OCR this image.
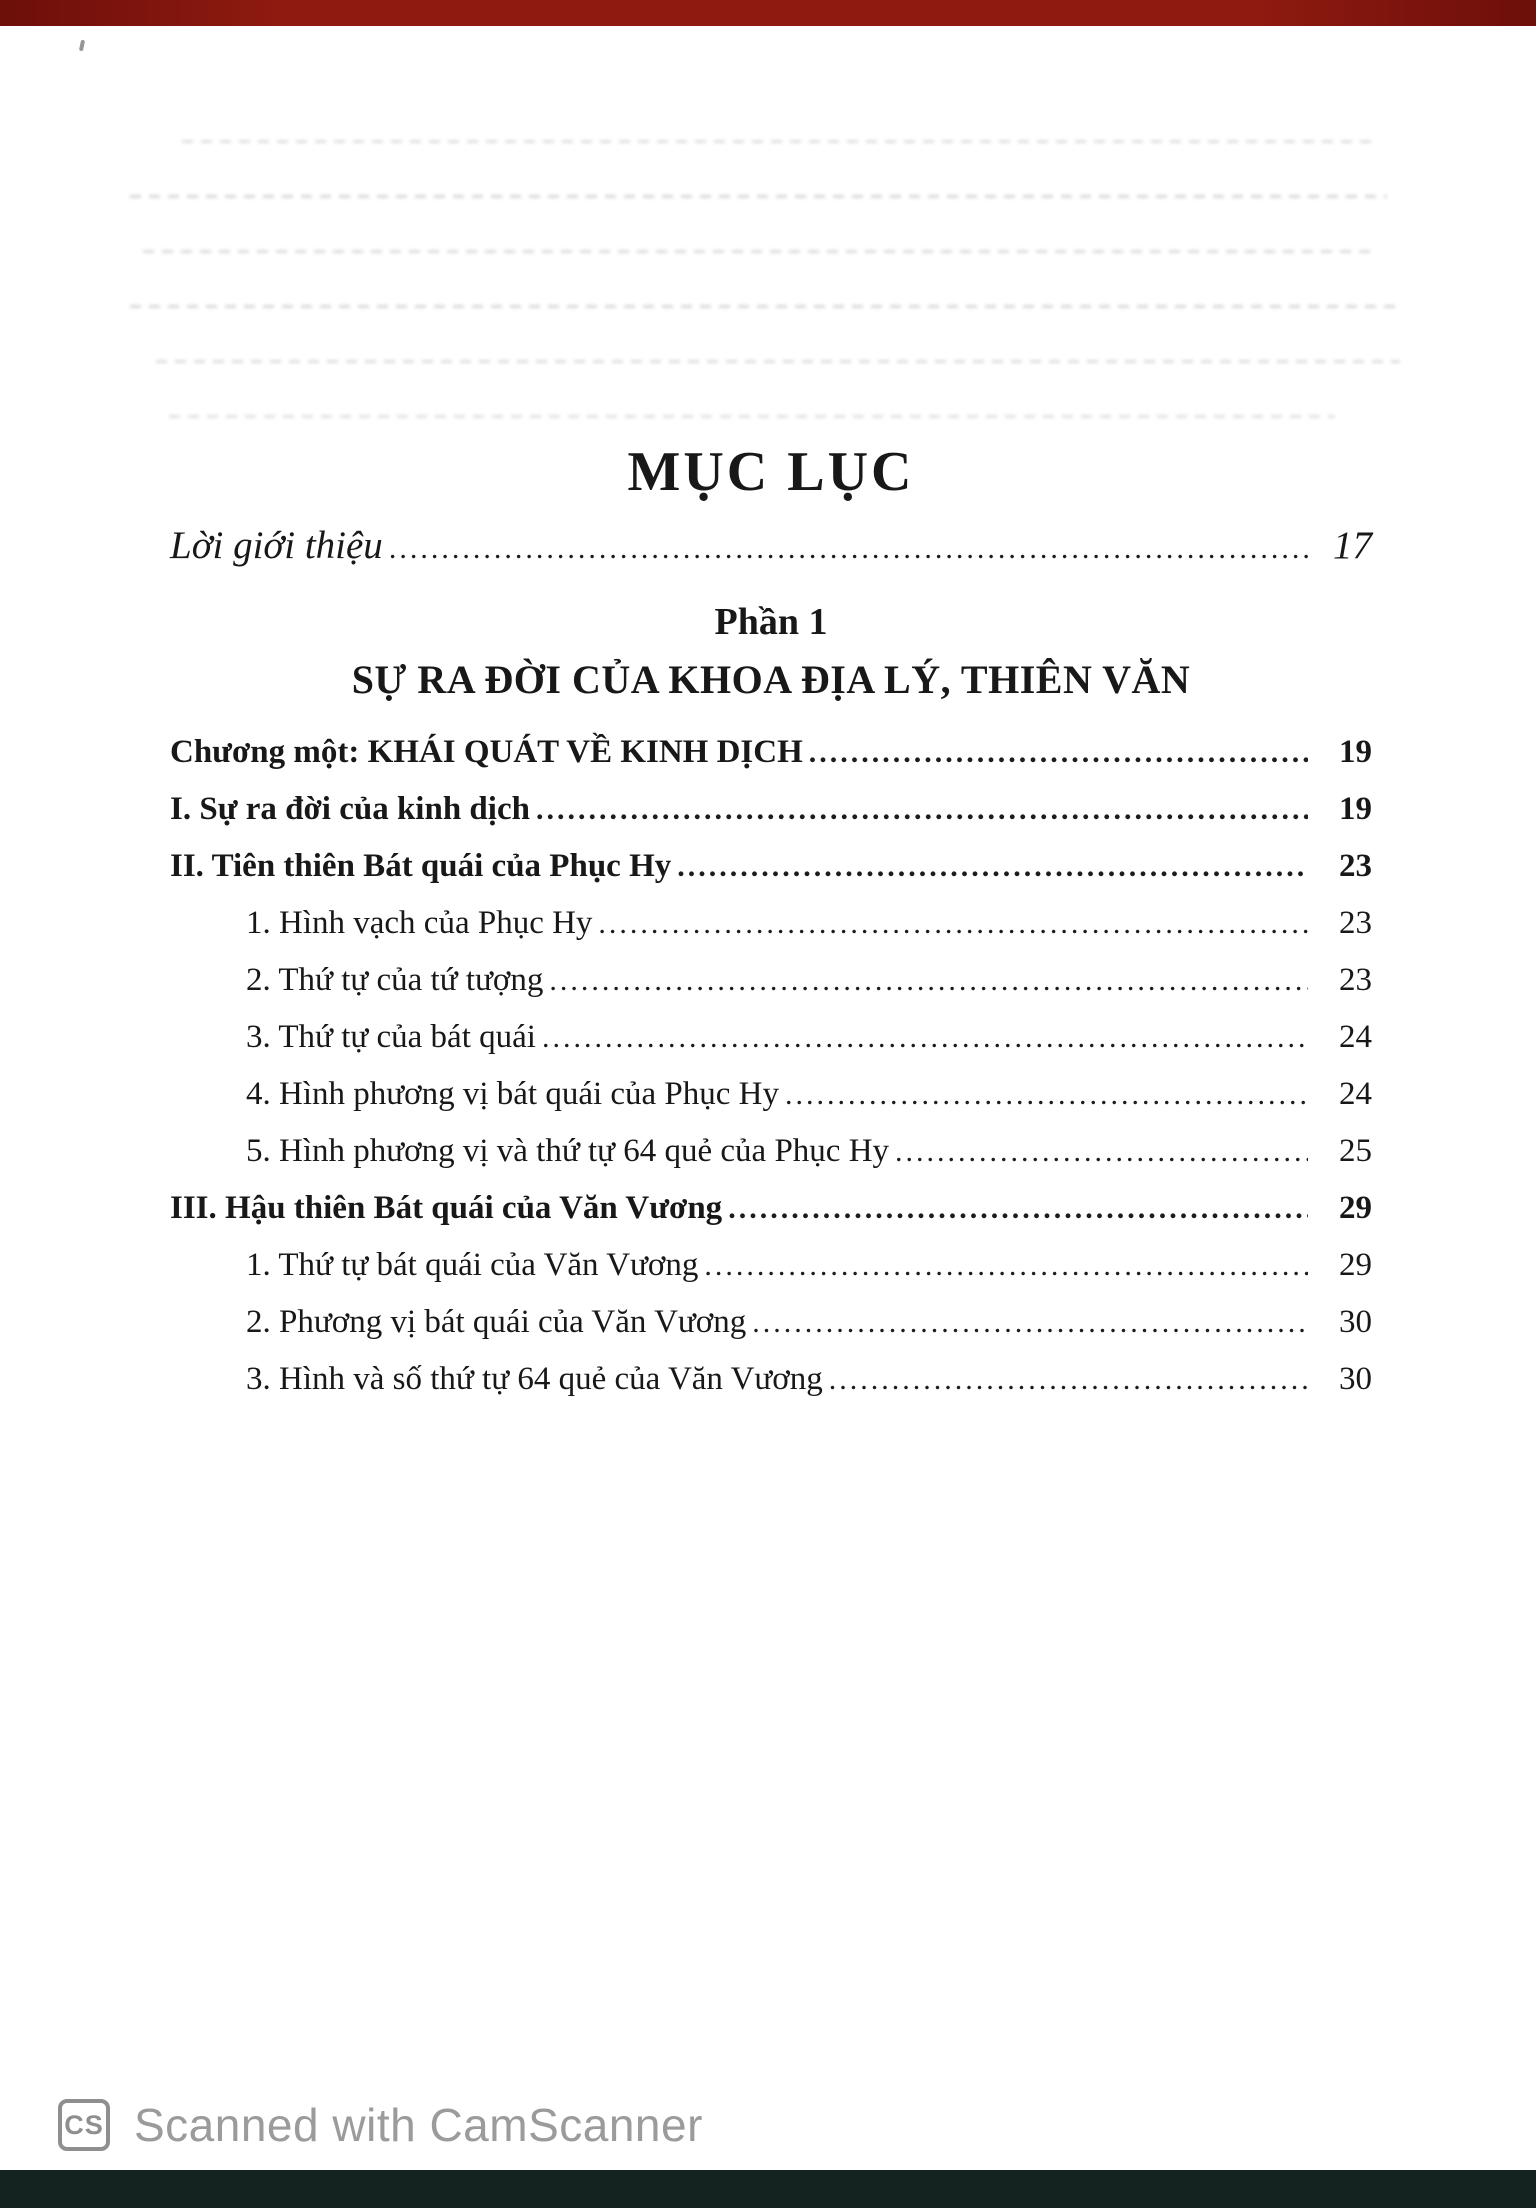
MỤC LỤC
Lời giới thiệu .....	17
Phần 1
SỰ RA ĐỜI CỦA KHOA ĐỊA LÝ, THIÊN VĂN
Chương một: KHÁI QUÁT VỀ KINH DỊCH .....	19
I. Sự ra đời của kinh dịch .....	19
II. Tiên thiên Bát quái của Phục Hy .....	23
1. Hình vạch của Phục Hy .....	23
2. Thứ tự của tứ tượng .....	23
3. Thứ tự của bát quái .....	24
4. Hình phương vị bát quái của Phục Hy .....	24
5. Hình phương vị và thứ tự 64 quẻ của Phục Hy .....	25
III. Hậu thiên Bát quái của Văn Vương .....	29
1. Thứ tự bát quái của Văn Vương .....	29
2. Phương vị bát quái của Văn Vương .....	30
3. Hình và số thứ tự 64 quẻ của Văn Vương .....	30
CS Scanned with CamScanner
